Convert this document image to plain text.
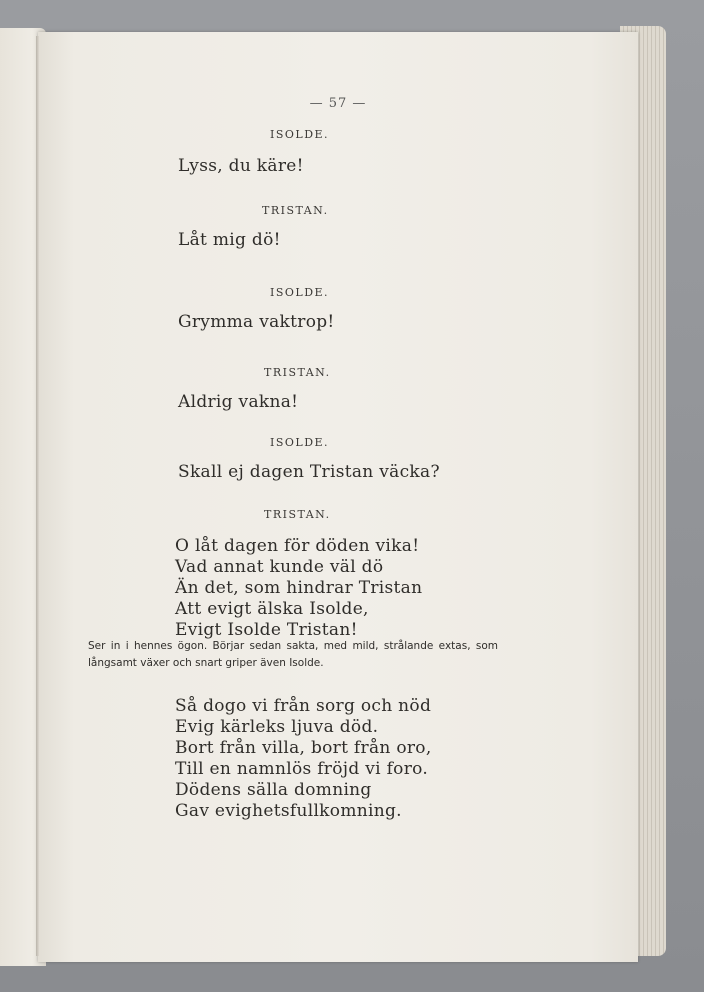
— 57 —
ISOLDE.
Lyss, du käre!
TRISTAN.
Låt mig dö!
ISOLDE.
Grymma vaktrop!
TRISTAN.
Aldrig vakna!
ISOLDE.
Skall ej dagen Tristan väcka?
TRISTAN.
O låt dagen för döden vika!
Vad annat kunde väl dö
Än det, som hindrar Tristan
Att evigt älska Isolde,
Evigt Isolde Tristan!
Ser in i hennes ögon. Börjar sedan sakta, med mild, strålande extas, som långsamt växer och snart griper även Isolde.
Så dogo vi från sorg och nöd
Evig kärleks ljuva död.
Bort från villa, bort från oro,
Till en namnlös fröjd vi foro.
Dödens sälla domning
Gav evighetsfullkomning.
